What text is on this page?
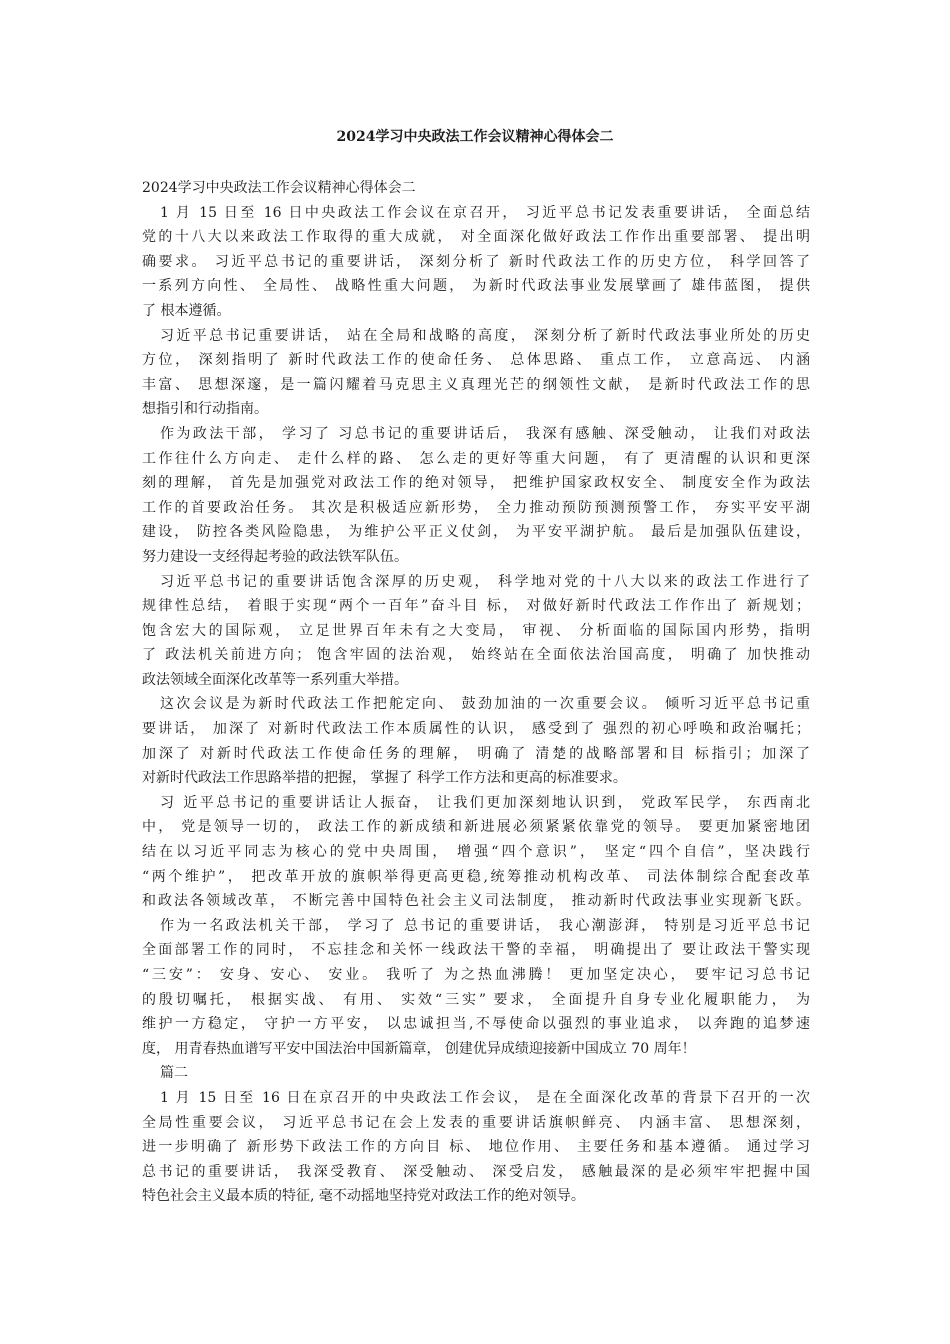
2024学习中央政法工作会议精神心得体会二
2024学习中央政法工作会议精神心得体会二
1 月 15 日至 16 日中央政法工作会议在京召开， 习近平总书记发表重要讲话， 全面总结
党的十八大以来政法工作取得的重大成就， 对全面深化做好政法工作作出重要部署、 提出明
确要求。 习近平总书记的重要讲话， 深刻分析了 新时代政法工作的历史方位， 科学回答了
一系列方向性、 全局性、 战略性重大问题， 为新时代政法事业发展擘画了 雄伟蓝图， 提供
了 根本遵循。
习近平总书记重要讲话， 站在全局和战略的高度， 深刻分析了新时代政法事业所处的历史
方位， 深刻指明了 新时代政法工作的使命任务、 总体思路、 重点工作， 立意高远、 内涵
丰富、 思想深邃，是一篇闪耀着马克思主义真理光芒的纲领性文献， 是新时代政法工作的思
想指引和行动指南。
作为政法干部， 学习了 习总书记的重要讲话后， 我深有感触、深受触动， 让我们对政法
工作往什么方向走、 走什么样的路、 怎么走的更好等重大问题， 有了 更清醒的认识和更深
刻的理解， 首先是加强党对政法工作的绝对领导， 把维护国家政权安全、 制度安全作为政法
工作的首要政治任务。 其次是积极适应新形势， 全力推动预防预测预警工作， 夯实平安平湖
建设， 防控各类风险隐患， 为维护公平正义仗剑， 为平安平湖护航。 最后是加强队伍建设，
努力建设一支经得起考验的政法铁军队伍。
习近平总书记的重要讲话饱含深厚的历史观， 科学地对党的十八大以来的政法工作进行了
规律性总结， 着眼于实现“两个一百年”奋斗目 标， 对做好新时代政法工作作出了 新规划；
饱含宏大的国际观， 立足世界百年未有之大变局， 审视、 分析面临的国际国内形势，指明
了 政法机关前进方向； 饱含牢固的法治观， 始终站在全面依法治国高度， 明确了 加快推动
政法领域全面深化改革等一系列重大举措。
这次会议是为新时代政法工作把舵定向、 鼓劲加油的一次重要会议。 倾听习近平总书记重
要讲话， 加深了 对新时代政法工作本质属性的认识， 感受到了 强烈的初心呼唤和政治嘱托；
加深了 对新时代政法工作使命任务的理解， 明确了 清楚的战略部署和目 标指引；加深了
对新时代政法工作思路举措的把握， 掌握了 科学工作方法和更高的标准要求。
习 近平总书记的重要讲话让人振奋， 让我们更加深刻地认识到， 党政军民学， 东西南北
中， 党是领导一切的， 政法工作的新成绩和新进展必须紧紧依靠党的领导。 要更加紧密地团
结在以习近平同志为核心的党中央周围， 增强“四个意识”， 坚定“四个自信”，坚决践行
“两个维护”， 把改革开放的旗帜举得更高更稳,统筹推动机构改革、 司法体制综合配套改革
和政法各领域改革， 不断完善中国特色社会主义司法制度， 推动新时代政法事业实现新飞跃。
作为一名政法机关干部， 学习了 总书记的重要讲话， 我心潮澎湃， 特别是习近平总书记
全面部署工作的同时， 不忘挂念和关怀一线政法干警的幸福， 明确提出了 要让政法干警实现
“三安”： 安身、安心、 安业。 我听了 为之热血沸腾！ 更加坚定决心， 要牢记习总书记
的殷切嘱托， 根据实战、 有用、 实效“三实” 要求， 全面提升自身专业化履职能力， 为
维护一方稳定， 守护一方平安， 以忠诚担当,不辱使命以强烈的事业追求， 以奔跑的追梦速
度， 用青春热血谱写平安中国法治中国新篇章， 创建优异成绩迎接新中国成立 70 周年！
篇二
1 月 15 日至 16 日在京召开的中央政法工作会议， 是在全面深化改革的背景下召开的一次
全局性重要会议， 习近平总书记在会上发表的重要讲话旗帜鲜亮、 内涵丰富、 思想深刻，
进一步明确了 新形势下政法工作的方向目 标、 地位作用、 主要任务和基本遵循。 通过学习
总书记的重要讲话， 我深受教育、 深受触动、 深受启发， 感触最深的是必须牢牢把握中国
特色社会主义最本质的特征, 毫不动摇地坚持党对政法工作的绝对领导。
